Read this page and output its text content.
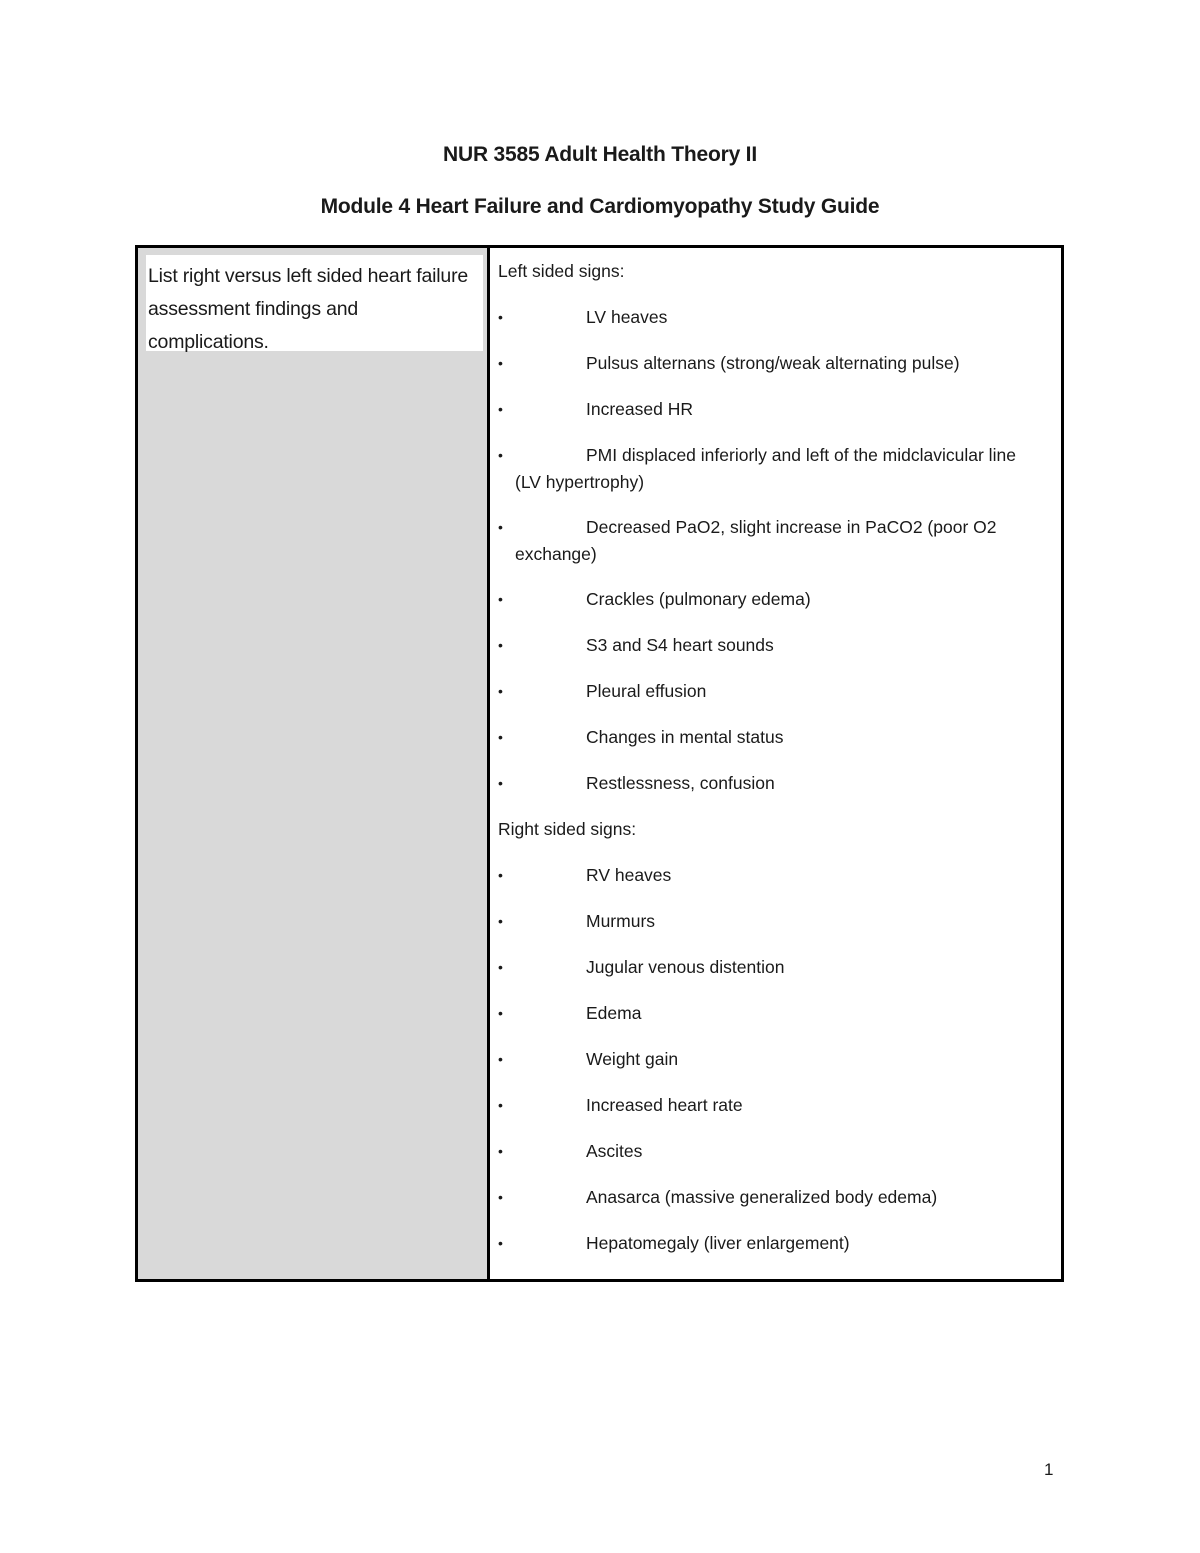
NUR 3585 Adult Health Theory II
Module 4 Heart Failure and Cardiomyopathy Study Guide
List right versus left sided heart failure assessment findings and complications.
Left sided signs:
•	LV heaves
•	Pulsus alternans (strong/weak alternating pulse)
•	Increased HR
•	PMI displaced inferiorly and left of the midclavicular line (LV hypertrophy)
•	Decreased PaO2, slight increase in PaCO2 (poor O2 exchange)
•	Crackles (pulmonary edema)
•	S3 and S4 heart sounds
•	Pleural effusion
•	Changes in mental status
•	Restlessness, confusion
Right sided signs:
•	RV heaves
•	Murmurs
•	Jugular venous distention
•	Edema
•	Weight gain
•	Increased heart rate
•	Ascites
•	Anasarca (massive generalized body edema)
•	Hepatomegaly (liver enlargement)
1
